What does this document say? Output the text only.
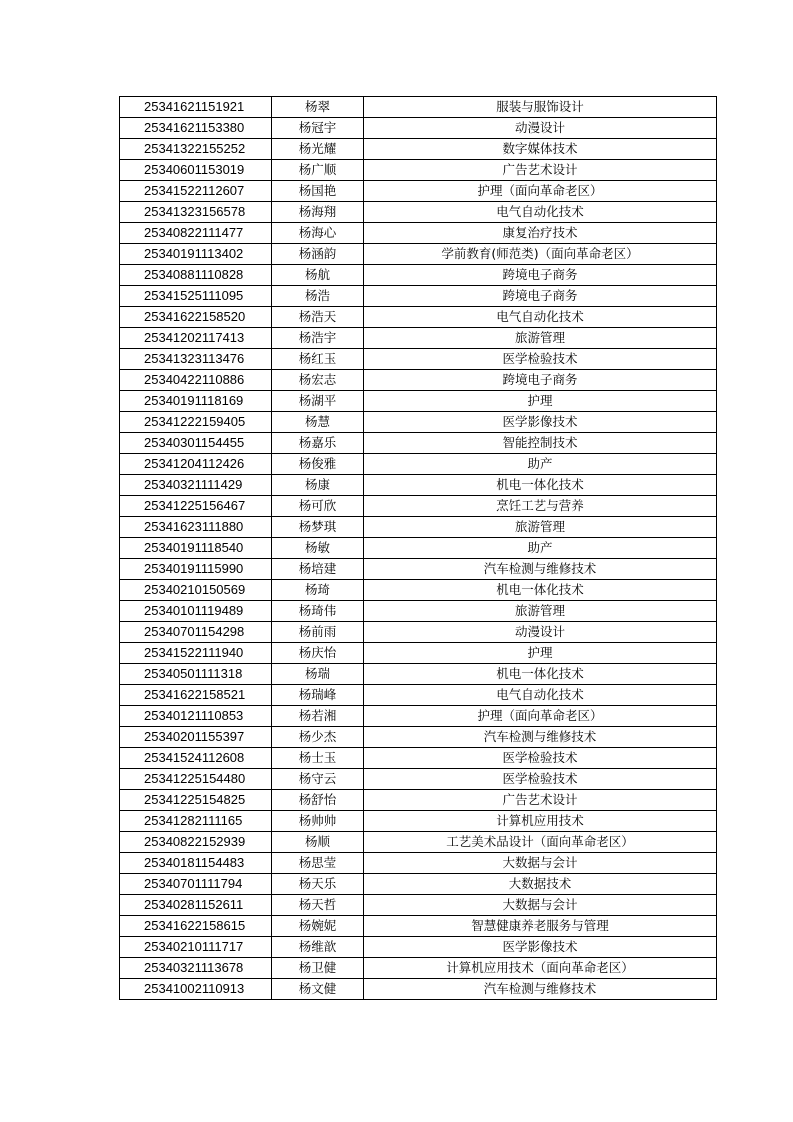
25341621151921	杨翠	服装与服饰设计
25341621153380	杨冠宇	动漫设计
25341322155252	杨光耀	数字媒体技术
25340601153019	杨广顺	广告艺术设计
25341522112607	杨国艳	护理（面向革命老区）
25341323156578	杨海翔	电气自动化技术
25340822111477	杨海心	康复治疗技术
25340191113402	杨涵韵	学前教育(师范类)（面向革命老区）
25340881110828	杨航	跨境电子商务
25341525111095	杨浩	跨境电子商务
25341622158520	杨浩天	电气自动化技术
25341202117413	杨浩宇	旅游管理
25341323113476	杨红玉	医学检验技术
25340422110886	杨宏志	跨境电子商务
25340191118169	杨湖平	护理
25341222159405	杨慧	医学影像技术
25340301154455	杨嘉乐	智能控制技术
25341204112426	杨俊雅	助产
25340321111429	杨康	机电一体化技术
25341225156467	杨可欣	烹饪工艺与营养
25341623111880	杨梦琪	旅游管理
25340191118540	杨敏	助产
25340191115990	杨培建	汽车检测与维修技术
25340210150569	杨琦	机电一体化技术
25340101119489	杨琦伟	旅游管理
25340701154298	杨前雨	动漫设计
25341522111940	杨庆怡	护理
25340501111318	杨瑞	机电一体化技术
25341622158521	杨瑞峰	电气自动化技术
25340121110853	杨若湘	护理（面向革命老区）
25340201155397	杨少杰	汽车检测与维修技术
25341524112608	杨士玉	医学检验技术
25341225154480	杨守云	医学检验技术
25341225154825	杨舒怡	广告艺术设计
25341282111165	杨帅帅	计算机应用技术
25340822152939	杨顺	工艺美术品设计（面向革命老区）
25340181154483	杨思莹	大数据与会计
25340701111794	杨天乐	大数据技术
25340281152611	杨天哲	大数据与会计
25341622158615	杨婉妮	智慧健康养老服务与管理
25340210111717	杨维歆	医学影像技术
25340321113678	杨卫健	计算机应用技术（面向革命老区）
25341002110913	杨文健	汽车检测与维修技术
